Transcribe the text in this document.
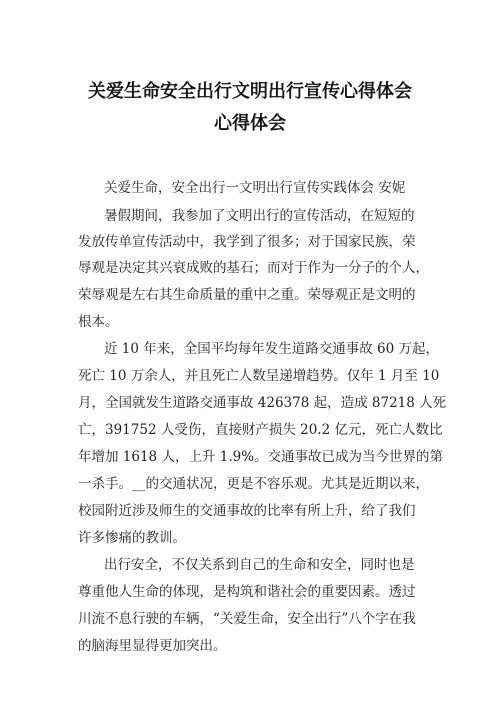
关爱生命安全出行文明出行宣传心得体会
心得体会
关爱生命，安全出行一文明出行宣传实践体会 安妮
暑假期间，我参加了文明出行的宣传活动，在短短的
发放传单宣传活动中，我学到了很多；对于国家民族，荣
辱观是决定其兴衰成败的基石；而对于作为一分子的个人，
荣辱观是左右其生命质量的重中之重。荣辱观正是文明的
根本。
近 10 年来，全国平均每年发生道路交通事故 60 万起，
死亡 10 万余人，并且死亡人数呈递增趋势。仅年 1 月至 10
月，全国就发生道路交通事故 426378 起，造成 87218 人死
亡，391752 人受伤，直接财产损失 20.2 亿元，死亡人数比
年增加 1618 人，上升 1.9%。交通事故已成为当今世界的第
一杀手。__的交通状况，更是不容乐观。尤其是近期以来，
校园附近涉及师生的交通事故的比率有所上升，给了我们
许多惨痛的教训。
出行安全，不仅关系到自己的生命和安全，同时也是
尊重他人生命的体现，是构筑和谐社会的重要因素。透过
川流不息行驶的车辆，“关爱生命，安全出行”八个字在我
的脑海里显得更加突出。
